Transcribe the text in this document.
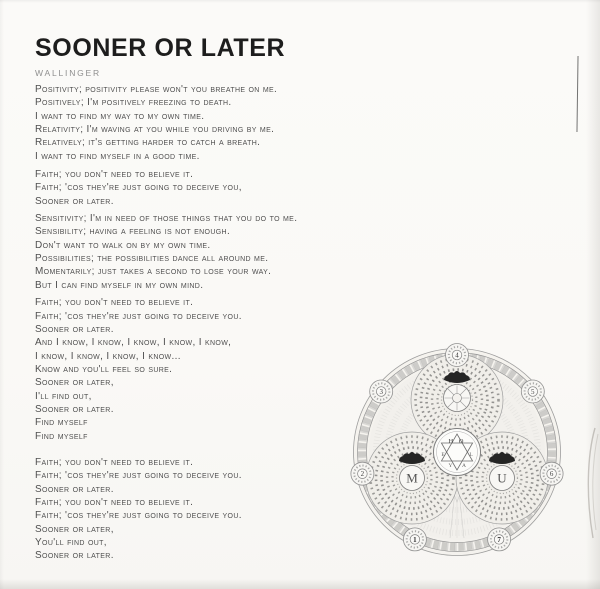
SOONER OR LATER
WALLINGER

Positivity; positivity please won't you breathe on me.

Positively; I'm positively freezing to death.

I want to find my way to my own time.

Relativity; I'm waving at you while you driving by me.

Relatively; it's getting harder to catch a breath.

I want to find myself in a good time.

Faith; you don't need to believe it.

Faith; 'cos they're just going to deceive you,

Sooner or later.

Sensitivity; I'm in need of those things that you do to me.

Sensibility; having a feeling is not enough.

Don't want to walk on by my own time.

Possibilities; the possibilities dance all around me.

Momentarily; just takes a second to lose your way.

But I can find myself in my own mind.

Faith; you don't need to believe it.

Faith; 'cos they're just going to deceive you.

Sooner or later.

And I know, I know, I know, I know, I know,

I know, I know, I know, I know...

Know and you'll feel so sure.

Sooner or later,

I'll find out,

Sooner or later.

Find myself

Find myself

Faith; you don't need to believe it.

Faith; 'cos they're just going to deceive you.

Sooner or later.

Faith; you don't need to believe it.

Faith; 'cos they're just going to deceive you.

Sooner or later,

You'll find out,

Sooner or later.

M	U
H O
E
Y A
L
4
5
6
7
1
2
3
